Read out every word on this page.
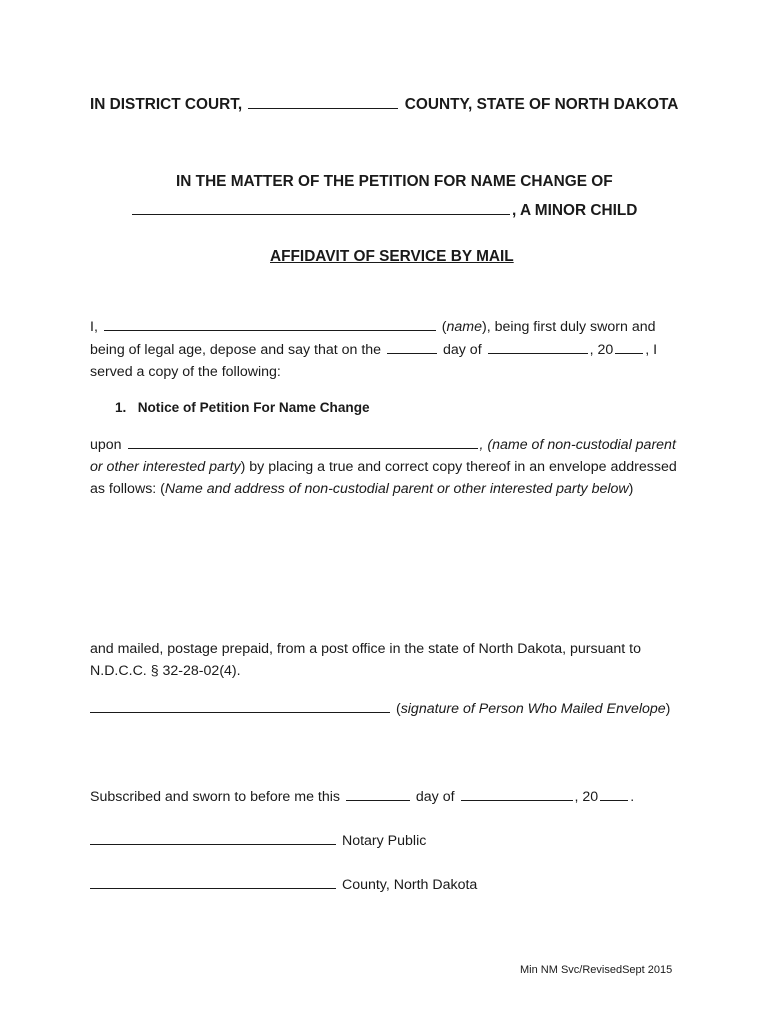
IN DISTRICT COURT,	COUNTY, STATE OF NORTH DAKOTA
IN THE MATTER OF THE PETITION FOR NAME CHANGE OF
, A MINOR CHILD
AFFIDAVIT OF SERVICE BY MAIL
I,	(name), being first duly sworn and
being of legal age, depose and say that on the	day of	, 20 , I
served a copy of the following:
1. Notice of Petition For Name Change
upon	, (name of non-custodial parent
or other interested party) by placing a true and correct copy thereof in an envelope addressed
as follows: (Name and address of non-custodial parent or other interested party below)
and mailed, postage prepaid, from a post office in the state of North Dakota, pursuant to
N.D.C.C. § 32-28-02(4).
(signature of Person Who Mailed Envelope)
Subscribed and sworn to before me this	day of	, 20 .
Notary Public
County, North Dakota
Min NM Svc/RevisedSept 2015
